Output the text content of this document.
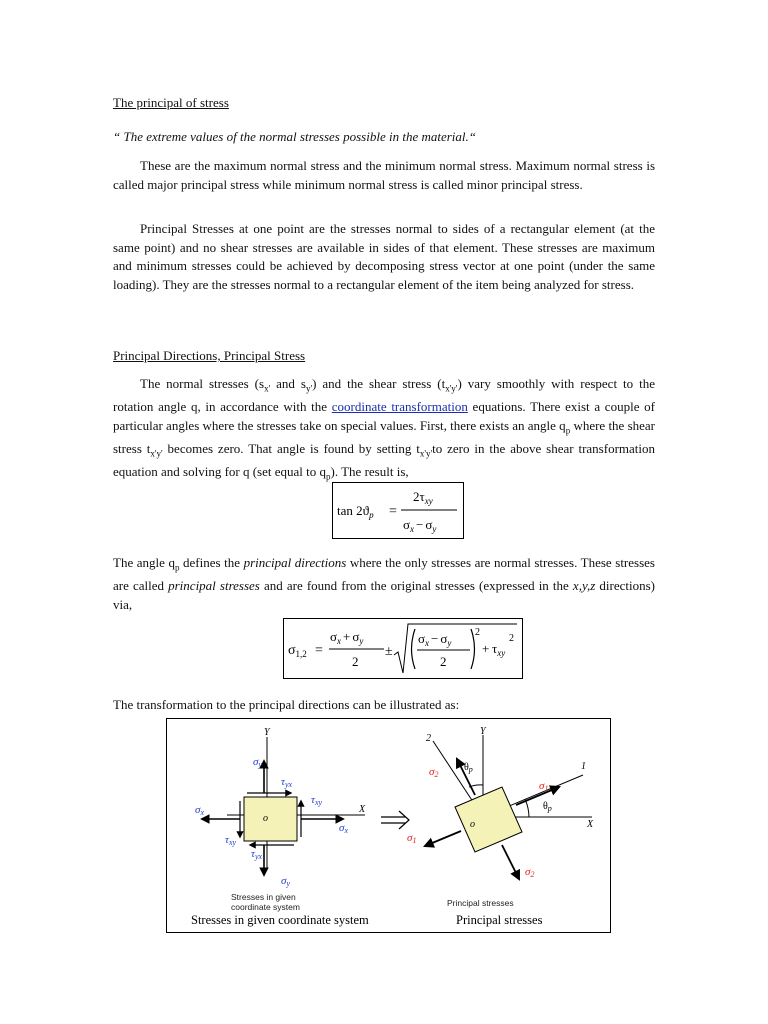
The principal of stress
“ The extreme values of the normal stresses possible in the material.“
These are the maximum normal stress and the minimum normal stress. Maximum normal stress is called major principal stress while minimum normal stress is called minor principal stress.
Principal Stresses at one point are the stresses normal to sides of a rectangular element (at the same point) and no shear stresses are available in sides of that element. These stresses are maximum and minimum stresses could be achieved by decomposing stress vector at one point (under the same loading). They are the stresses normal to a rectangular element of the item being analyzed for stress.
Principal Directions, Principal Stress
The normal stresses ($s_{x'}$ and $s_{y'}$) and the shear stress $(t_{x'y'})$ vary smoothly with respect to the rotation angle q, in accordance with the coordinate transformation equations. There exist a couple of particular angles where the stresses take on special values. First, there exists an angle $q_p$ where the shear stress $t_{x'y'}$ becomes zero. That angle is found by setting $t_{x'y'}to$ zero in the above shear transformation equation and solving for q (set equal to $q_p$). The result is,
$\tan 2ϑ_p$ =
$2\tau_{xy}$
$\sigma_x - \sigma_y$
The angle $q_p$ defines the principal directions where the only stresses are normal stresses. These stresses are called principal stresses and are found from the original stresses (expressed in the x,y,z directions) via,
$\sigma_{1,2}$ =
$\sigma_x + \sigma_y$
2
±
$\sigma_x - \sigma_y$
2
2
+ $\tau_{xy}$
2
The transformation to the principal directions can be illustrated as:
Y
X
o
σy
τyx
τxy
σx
σx
τxy
τyx
σy
Stresses in given
coordinate system
Y
X
1
2
o
σ1
σ2
σ1
σ2
$\theta_p$
$\theta_p$
Principal stresses
Stresses in given coordinate system	Principal stresses
